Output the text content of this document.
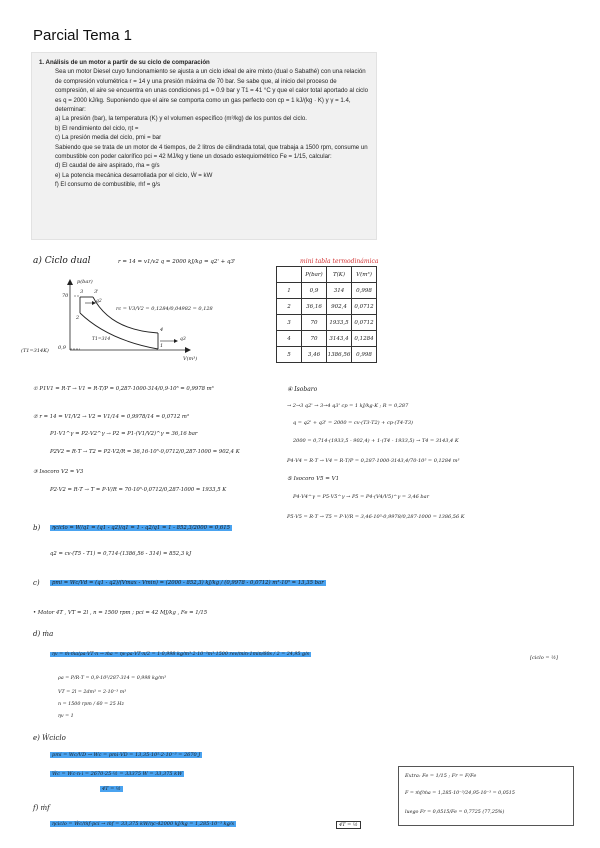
Parcial Tema 1
1. Análisis de un motor a partir de su ciclo de comparación
Sea un motor Diesel cuyo funcionamiento se ajusta a un ciclo ideal de aire mixto (dual o Sabathé) con una relación de compresión volumétrica r = 14 y una presión máxima de 70 bar. Se sabe que, al inicio del proceso de compresión, el aire se encuentra en unas condiciones p1 = 0.9 bar y T1 = 41 °C y que el calor total aportado al ciclo es q = 2000 kJ/kg. Suponiendo que el aire se comporta como un gas perfecto con cp = 1 kJ/(kg · K) y γ = 1.4, determinar:
a) La presión (bar), la temperatura (K) y el volumen específico (m³/kg) de los puntos del ciclo.
b) El rendimiento del ciclo, ηt =
c) La presión media del ciclo, pmi = bar
Sabiendo que se trata de un motor de 4 tiempos, de 2 litros de cilindrada total, que trabaja a 1500 rpm, consume un combustible con poder calorífico pci = 42 MJ/kg y tiene un dosado estequiométrico Fe = 1/15, calcular:
d) El caudal de aire aspirado, ṁa = g/s
e) La potencia mecánica desarrollada por el ciclo, Ẇ = kW
f) El consumo de combustible, ṁf = g/s
a) Ciclo dual	r = 14 = v1/v2 q = 2000 kJ/kg = q2' + q3'
p(bar)
V(m³)
70
0,9
(T1=314K)
q2
q3
T1=314
2
3 3'
4
1
rc = V3/V2 = 0,1284/0,04982 = 0,128
mini tabla termodinámica
	P(bar)	T(K)	V(m³)
1	0,9	314	0,998
2	36,16	902,4	0,0712
3	70	1933,5	0,0712
4	70	3143,4	0,1284
5	3,46	1386,56	0,998
① P1V1 = R·T → V1 = R·T/P = 0,287·1000·314/0,9·10⁵ = 0,9978 m³
② r = 14 = V1/V2 → V2 = V1/14 = 0,9978/14 = 0,0712 m³
P1·V1^γ = P2·V2^γ → P2 = P1·(V1/V2)^γ = 36,16 bar
P2V2 = R·T → T2 = P2·V2/R = 36,16·10⁵·0,0712/0,287·1000 = 902,4 K
③ Isocoro V2 = V3
P2·V2 = R·T → T = P·V/R = 70·10⁵·0,0712/0,287·1000 = 1933,5 K
④ Isobaro
→ 2→3 q2' → 3→4 q3' cp = 1 kJ/kg·K ; R = 0,287
q = q2' + q3' = 2000 = cv·(T3-T2) + cp·(T4-T3)
2000 = 0,714·(1933,5 - 902,4) + 1·(T4 - 1933,5) → T4 = 3143,4 K
P4·V4 = R·T → V4 = R·T/P = 0,287·1000·3143,4/70·10⁵ = 0,1284 m³
⑤ Isocoro V5 = V1
P4·V4^γ = P5·V5^γ → P5 = P4·(V4/V5)^γ = 3,46 bar
P5·V5 = R·T → T5 = P·V/R = 3,46·10⁵·0,9978/0,287·1000 = 1386,56 K
b)	ηciclo = W/q1 = (q1 - q2)/q1 = 1 - q2/q1 = 1 - 852,3/2000 = 0,615
q2 = cv·(T5 - T1) = 0,714·(1386,56 - 314) = 852,3 kJ
c)	pmi = Wc/Vd = (q1 - q2)/(Vmax - Vmin) = (2000 - 852,3) kJ/kg / (0,9978 - 0,0712) m³·10⁵ = 13,35 bar
• Motor 4T , VT = 2l , n = 1500 rpm ; pci = 42 MJ/kg , Fe = 1/15
d) ṁa
ηv = ṁ·ṁa/ρa·VT·n → ṁa = ηv·ρa·VT·n/2 = 1·0,998 kg/m³·2·10⁻³m³·1500 rev/min·1min/60s / 2 = 24,95 g/s
[ciclo = ½]
ρa = P/R·T = 0,9·10⁵/287·314 = 0,998 kg/m³
VT = 2l = 2dm³ = 2·10⁻³ m³
n = 1500 rpm / 60 = 25 Hz
ηv = 1
e) Ẇciclo
pmi = Wc/VD → Wc = pmi·VD = 13,35·10⁵·2·10⁻³ = 2670 J
Ẇc = Wc·n·i = 2670·25·½ = 33375 W = 33,375 kW
4T = ½
f) ṁf
ηciclo = Ẇc/ṁf·pci → ṁf = 33,375 kW/ηc·42000 kJ/kg = 1,285·10⁻³ kg/s	4T = ½
Extra: Fe = 1/15 ; Fr = F/Fe
F = ṁf/ṁa = 1,285·10⁻³/24,95·10⁻³ = 0,0515
luego Fr = 0,0515/Fe = 0,7725 (77,25%)
